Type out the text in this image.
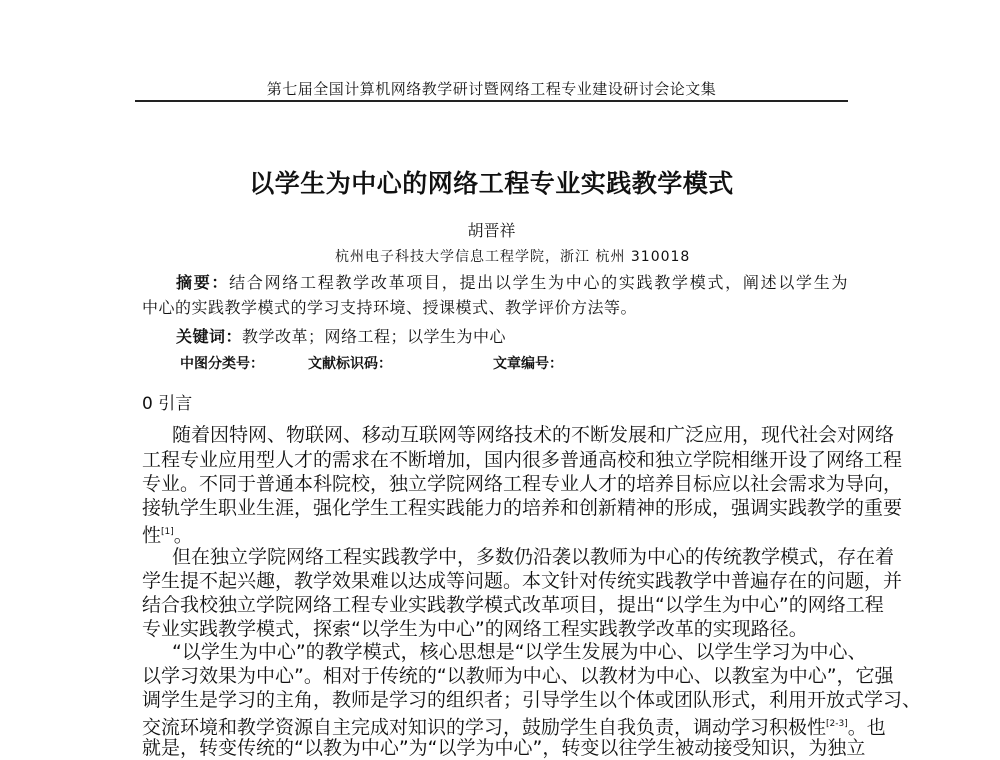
第七届全国计算机网络教学研讨暨网络工程专业建设研讨会论文集
以学生为中心的网络工程专业实践教学模式
胡晋祥
杭州电子科技大学信息工程学院，浙江 杭州 310018
摘要：结合网络工程教学改革项目，提出以学生为中心的实践教学模式，阐述以学生为
中心的实践教学模式的学习支持环境、授课模式、教学评价方法等。
关键词：教学改革；网络工程；以学生为中心
中图分类号：	文献标识码：	文章编号：
0 引言
随着因特网、物联网、移动互联网等网络技术的不断发展和广泛应用，现代社会对网络
工程专业应用型人才的需求在不断增加，国内很多普通高校和独立学院相继开设了网络工程
专业。不同于普通本科院校，独立学院网络工程专业人才的培养目标应以社会需求为导向，
接轨学生职业生涯，强化学生工程实践能力的培养和创新精神的形成，强调实践教学的重要
性[1]。
但在独立学院网络工程实践教学中，多数仍沿袭以教师为中心的传统教学模式，存在着
学生提不起兴趣，教学效果难以达成等问题。本文针对传统实践教学中普遍存在的问题，并
结合我校独立学院网络工程专业实践教学模式改革项目，提出“以学生为中心”的网络工程
专业实践教学模式，探索“以学生为中心”的网络工程实践教学改革的实现路径。
“以学生为中心”的教学模式，核心思想是“以学生发展为中心、以学生学习为中心、
以学习效果为中心”。相对于传统的“以教师为中心、以教材为中心、以教室为中心”，它强
调学生是学习的主角，教师是学习的组织者；引导学生以个体或团队形式，利用开放式学习、
交流环境和教学资源自主完成对知识的学习，鼓励学生自我负责，调动学习积极性[2-3]。也
就是，转变传统的“以教为中心”为“以学为中心”，转变以往学生被动接受知识，为独立
